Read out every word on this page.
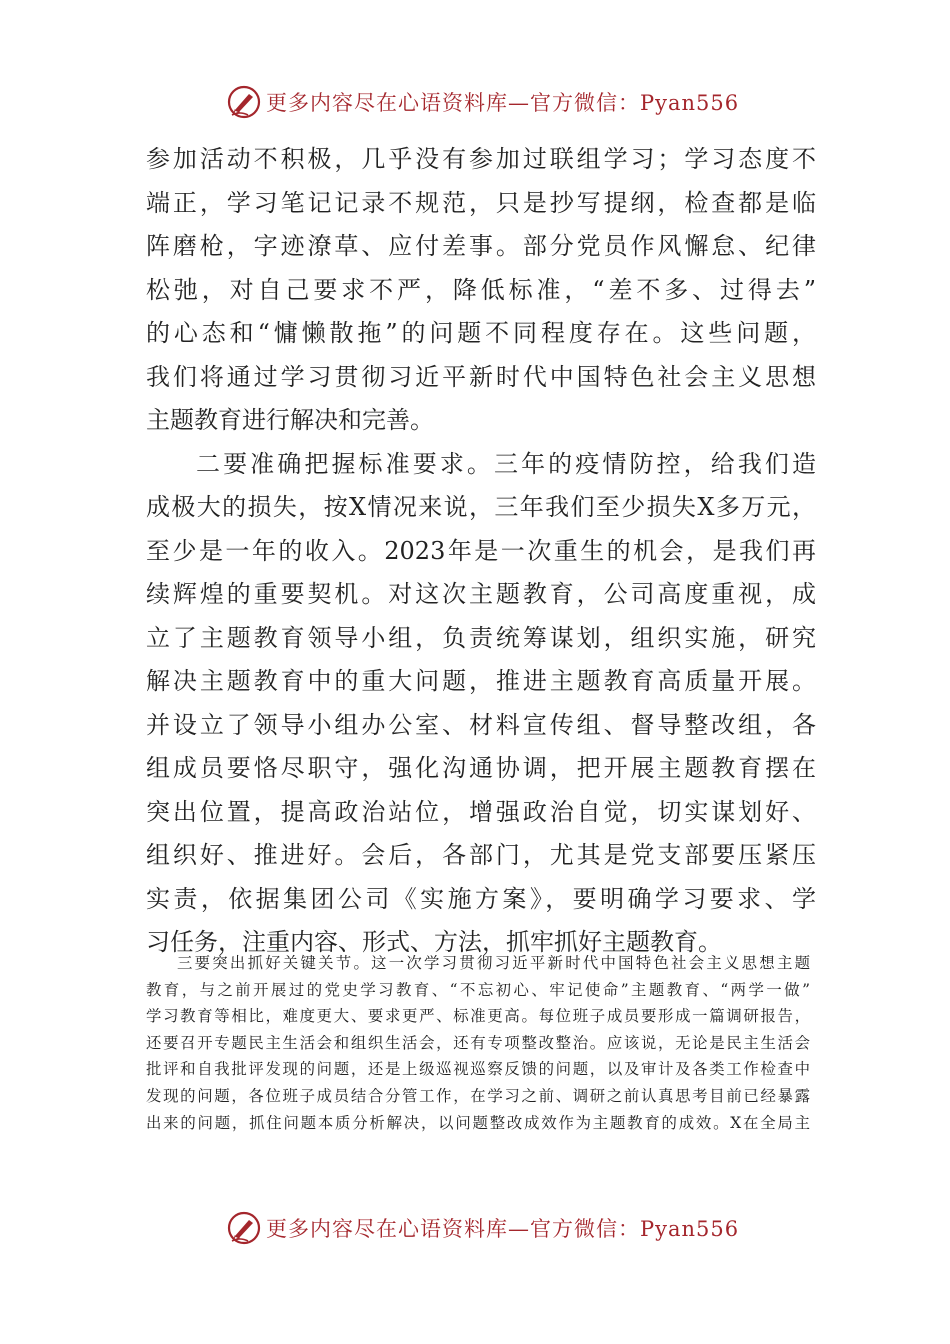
更多内容尽在心语资料库—官方微信：Pyan556
参加活动不积极，几乎没有参加过联组学习；学习态度不
端正，学习笔记记录不规范，只是抄写提纲，检查都是临
阵磨枪，字迹潦草、应付差事。部分党员作风懈怠、纪律
松弛，对自己要求不严，降低标准，“差不多、过得去”
的心态和“慵懒散拖”的问题不同程度存在。这些问题，
我们将通过学习贯彻习近平新时代中国特色社会主义思想
主题教育进行解决和完善。
二要准确把握标准要求。三年的疫情防控，给我们造
成极大的损失，按X情况来说，三年我们至少损失X多万元，
至少是一年的收入。2023年是一次重生的机会，是我们再
续辉煌的重要契机。对这次主题教育，公司高度重视，成
立了主题教育领导小组，负责统筹谋划，组织实施，研究
解决主题教育中的重大问题，推进主题教育高质量开展。
并设立了领导小组办公室、材料宣传组、督导整改组，各
组成员要恪尽职守，强化沟通协调，把开展主题教育摆在
突出位置，提高政治站位，增强政治自觉，切实谋划好、
组织好、推进好。会后，各部门，尤其是党支部要压紧压
实责，依据集团公司《实施方案》，要明确学习要求、学
习任务，注重内容、形式、方法，抓牢抓好主题教育。
三要突出抓好关键关节。这一次学习贯彻习近平新时代中国特色社会主义思想主题
教育，与之前开展过的党史学习教育、“不忘初心、牢记使命”主题教育、“两学一做”
学习教育等相比，难度更大、要求更严、标准更高。每位班子成员要形成一篇调研报告，
还要召开专题民主生活会和组织生活会，还有专项整改整治。应该说，无论是民主生活会
批评和自我批评发现的问题，还是上级巡视巡察反馈的问题，以及审计及各类工作检查中
发现的问题，各位班子成员结合分管工作，在学习之前、调研之前认真思考目前已经暴露
出来的问题，抓住问题本质分析解决，以问题整改成效作为主题教育的成效。X在全局主
更多内容尽在心语资料库—官方微信：Pyan556
